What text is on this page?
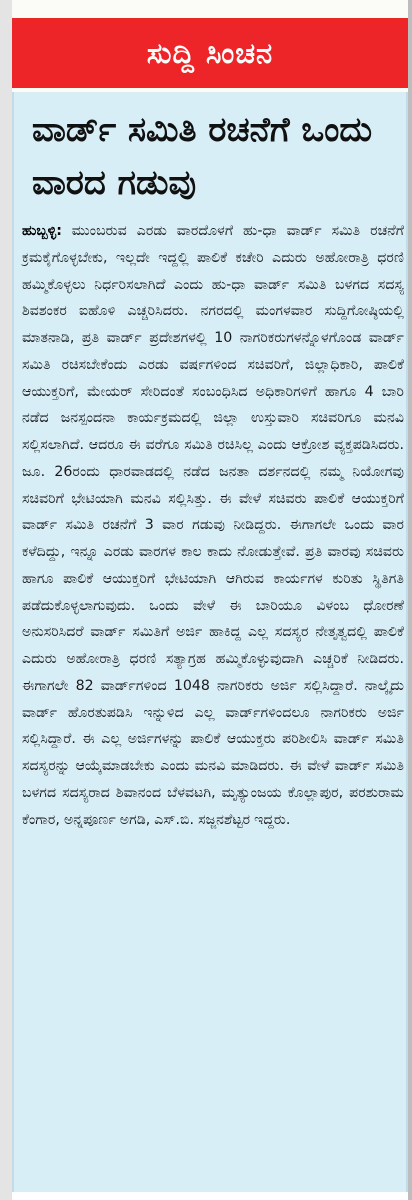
ಸುದ್ದಿ ಸಿಂಚನ
ವಾರ್ಡ್ ಸಮಿತಿ ರಚನೆಗೆ ಒಂದು ವಾರದ ಗಡುವು

ಹುಬ್ಬಳ್ಳಿ: ಮುಂಬರುವ ಎರಡು ವಾರದೊಳಗೆ ಹು-ಧಾ ವಾರ್ಡ್ ಸಮಿತಿ ರಚನೆಗೆ ಕ್ರಮಕೈಗೊಳ್ಳಬೇಕು, ಇಲ್ಲದೇ ಇದ್ದಲ್ಲಿ ಪಾಲಿಕೆ ಕಚೇರಿ ಎದುರು ಅಹೋರಾತ್ರಿ ಧರಣಿ ಹಮ್ಮಿಕೊಳ್ಳಲು ನಿರ್ಧರಿಸಲಾಗಿದೆ ಎಂದು ಹು-ಧಾ ವಾರ್ಡ್ ಸಮಿತಿ ಬಳಗದ ಸದಸ್ಯ ಶಿವಶಂಕರ ಐಹೊಳಿ ಎಚ್ಚರಿಸಿದರು. ನಗರದಲ್ಲಿ ಮಂಗಳವಾರ ಸುದ್ದಿಗೋಷ್ಠಿಯಲ್ಲಿ ಮಾತನಾಡಿ, ಪ್ರತಿ ವಾರ್ಡ್ ಪ್ರದೇಶಗಳಲ್ಲಿ 10 ನಾಗರಿಕರುಗಳನ್ನೊಳಗೊಂಡ ವಾರ್ಡ್ ಸಮಿತಿ ರಚಿಸಬೇಕೆಂದು ಎರಡು ವರ್ಷಗಳಿಂದ ಸಚಿವರಿಗೆ, ಜಿಲ್ಲಾಧಿಕಾರಿ, ಪಾಲಿಕೆ ಆಯುಕ್ತರಿಗೆ, ಮೇಯರ್ ಸೇರಿದಂತೆ ಸಂಬಂಧಿಸಿದ ಅಧಿಕಾರಿಗಳಿಗೆ ಹಾಗೂ 4 ಬಾರಿ ನಡೆದ ಜನಸ್ಪಂದನಾ ಕಾರ್ಯಕ್ರಮದಲ್ಲಿ ಜಿಲ್ಲಾ ಉಸ್ತುವಾರಿ ಸಚಿವರಿಗೂ ಮನವಿ ಸಲ್ಲಿಸಲಾಗಿದೆ. ಆದರೂ ಈ ವರೆಗೂ ಸಮಿತಿ ರಚಿಸಿಲ್ಲ ಎಂದು ಆಕ್ರೋಶ ವ್ಯಕ್ತಪಡಿಸಿದರು. ಜೂ. 26ರಂದು ಧಾರವಾಡದಲ್ಲಿ ನಡೆದ ಜನತಾ ದರ್ಶನದಲ್ಲಿ ನಮ್ಮ ನಿಯೋಗವು ಸಚಿವರಿಗೆ ಭೇಟಿಯಾಗಿ ಮನವಿ ಸಲ್ಲಿಸಿತ್ತು. ಈ ವೇಳೆ ಸಚಿವರು ಪಾಲಿಕೆ ಆಯುಕ್ತರಿಗೆ ವಾರ್ಡ್ ಸಮಿತಿ ರಚನೆಗೆ 3 ವಾರ ಗಡುವು ನೀಡಿದ್ದರು. ಈಗಾಗಲೇ ಒಂದು ವಾರ ಕಳೆದಿದ್ದು, ಇನ್ನೂ ಎರಡು ವಾರಗಳ ಕಾಲ ಕಾದು ನೋಡುತ್ತೇವೆ. ಪ್ರತಿ ವಾರವು ಸಚಿವರು ಹಾಗೂ ಪಾಲಿಕೆ ಆಯುಕ್ತರಿಗೆ ಭೇಟಿಯಾಗಿ ಆಗಿರುವ ಕಾರ್ಯಗಳ ಕುರಿತು ಸ್ಥಿತಿಗತಿ ಪಡೆದುಕೊಳ್ಳಲಾಗುವುದು. ಒಂದು ವೇಳೆ ಈ ಬಾರಿಯೂ ವಿಳಂಬ ಧೋರಣೆ ಅನುಸರಿಸಿದರೆ ವಾರ್ಡ್ ಸಮಿತಿಗೆ ಅರ್ಜಿ ಹಾಕಿದ್ದ ಎಲ್ಲ ಸದಸ್ಯರ ನೇತೃತ್ವದಲ್ಲಿ ಪಾಲಿಕೆ ಎದುರು ಅಹೋರಾತ್ರಿ ಧರಣಿ ಸತ್ಯಾಗ್ರಹ ಹಮ್ಮಿಕೊಳ್ಳುವುದಾಗಿ ಎಚ್ಚರಿಕೆ ನೀಡಿದರು. ಈಗಾಗಲೇ 82 ವಾರ್ಡ್‌ಗಳಿಂದ 1048 ನಾಗರಿಕರು ಅರ್ಜಿ ಸಲ್ಲಿಸಿದ್ದಾರೆ. ನಾಲ್ಕೈದು ವಾರ್ಡ್ ಹೊರತುಪಡಿಸಿ ಇನ್ನುಳಿದ ಎಲ್ಲ ವಾರ್ಡ್‌ಗಳಿಂದಲೂ ನಾಗರಿಕರು ಅರ್ಜಿ ಸಲ್ಲಿಸಿದ್ದಾರೆ. ಈ ಎಲ್ಲ ಅರ್ಜಿಗಳನ್ನು ಪಾಲಿಕೆ ಆಯುಕ್ತರು ಪರಿಶೀಲಿಸಿ ವಾರ್ಡ್ ಸಮಿತಿ ಸದಸ್ಯರನ್ನು ಆಯ್ಕೆಮಾಡಬೇಕು ಎಂದು ಮನವಿ ಮಾಡಿದರು. ಈ ವೇಳೆ ವಾರ್ಡ್ ಸಮಿತಿ ಬಳಗದ ಸದಸ್ಯರಾದ ಶಿವಾನಂದ ಬೆಳವಟಗಿ, ಮೃತ್ಯುಂಜಯ ಕೊಲ್ಲಾಪುರ, ಪರಶುರಾಮ ಕೆಂಗಾರ, ಅನ್ನಪೂರ್ಣ ಅಗಡಿ, ಎಸ್.ಬಿ. ಸಜ್ಜನಶೆಟ್ಟರ ಇದ್ದರು.
